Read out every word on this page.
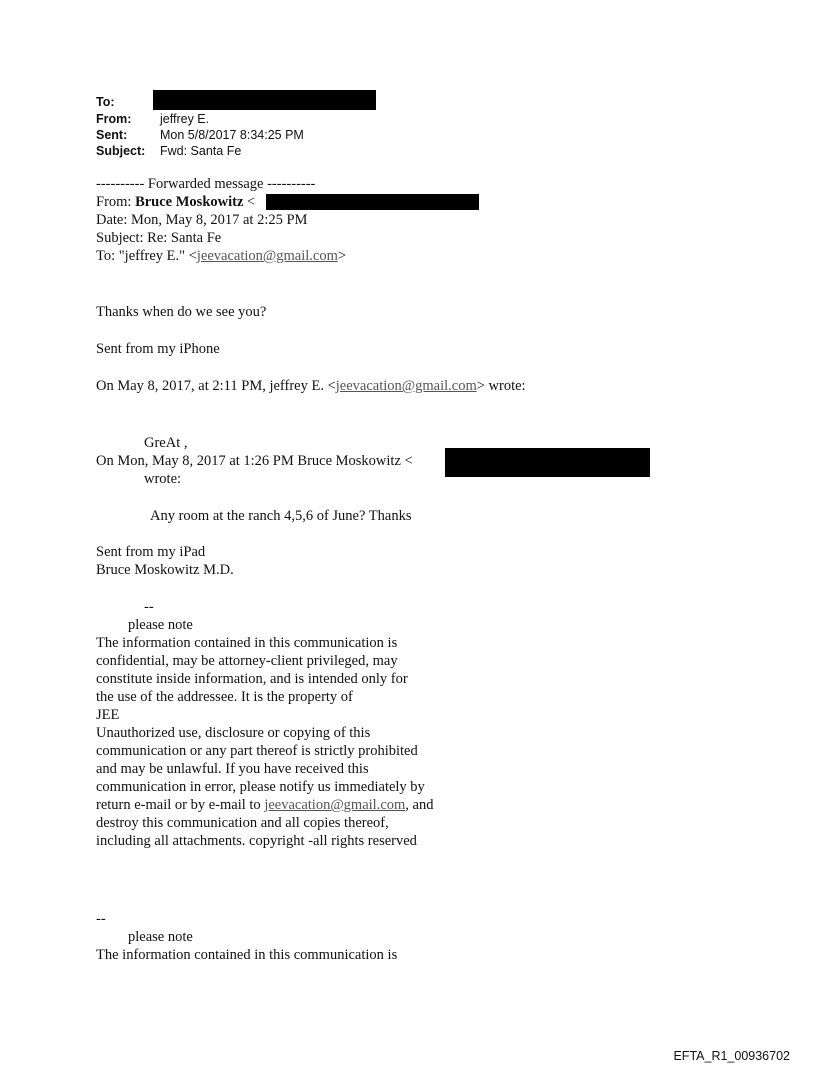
To:
From: jeffrey E.
Sent:	Mon 5/8/2017 8:34:25 PM
Subject: Fwd: Santa Fe
---------- Forwarded message ----------
From: Bruce Moskowitz <
Date: Mon, May 8, 2017 at 2:25 PM
Subject: Re: Santa Fe
To: "jeffrey E." <jeevacation@gmail.com>
Thanks when do we see you?
Sent from my iPhone
On May 8, 2017, at 2:11 PM, jeffrey E. <jeevacation@gmail.com> wrote:
GreAt ,
On Mon, May 8, 2017 at 1:26 PM Bruce Moskowitz <
wrote:
Any room at the ranch 4,5,6 of June? Thanks
Sent from my iPad
Bruce Moskowitz M.D.
--
please note
The information contained in this communication is
confidential, may be attorney-client privileged, may
constitute inside information, and is intended only for
the use of the addressee. It is the property of
JEE
Unauthorized use, disclosure or copying of this
communication or any part thereof is strictly prohibited
and may be unlawful. If you have received this
communication in error, please notify us immediately by
return e-mail or by e-mail to jeevacation@gmail.com, and
destroy this communication and all copies thereof,
including all attachments. copyright -all rights reserved
--
please note
The information contained in this communication is
EFTA_R1_00936702
